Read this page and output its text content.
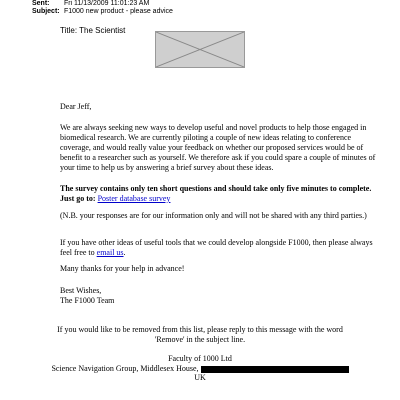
Sent: Fri 11/13/2009 11:01:23 AM
Subject: F1000 new product - please advice
Title: The Scientist

Dear Jeff,

We are always seeking new ways to develop useful and novel products to help those engaged in biomedical research. We are currently piloting a couple of new ideas relating to conference coverage, and would really value your feedback on whether our proposed services would be of benefit to a researcher such as yourself. We therefore ask if you could spare a couple of minutes of your time to help us by answering a brief survey about these ideas.

The survey contains only ten short questions and should take only five minutes to complete. Just go to: Poster database survey

(N.B. your responses are for our information only and will not be shared with any third parties.)

If you have other ideas of useful tools that we could develop alongside F1000, then please always feel free to email us.

Many thanks for your help in advance!

Best Wishes,

The F1000 Team

If you would like to be removed from this list, please reply to this message with the word 'Remove' in the subject line.
Faculty of 1000 Ltd
Science Navigation Group, Middlesex House,
UK
